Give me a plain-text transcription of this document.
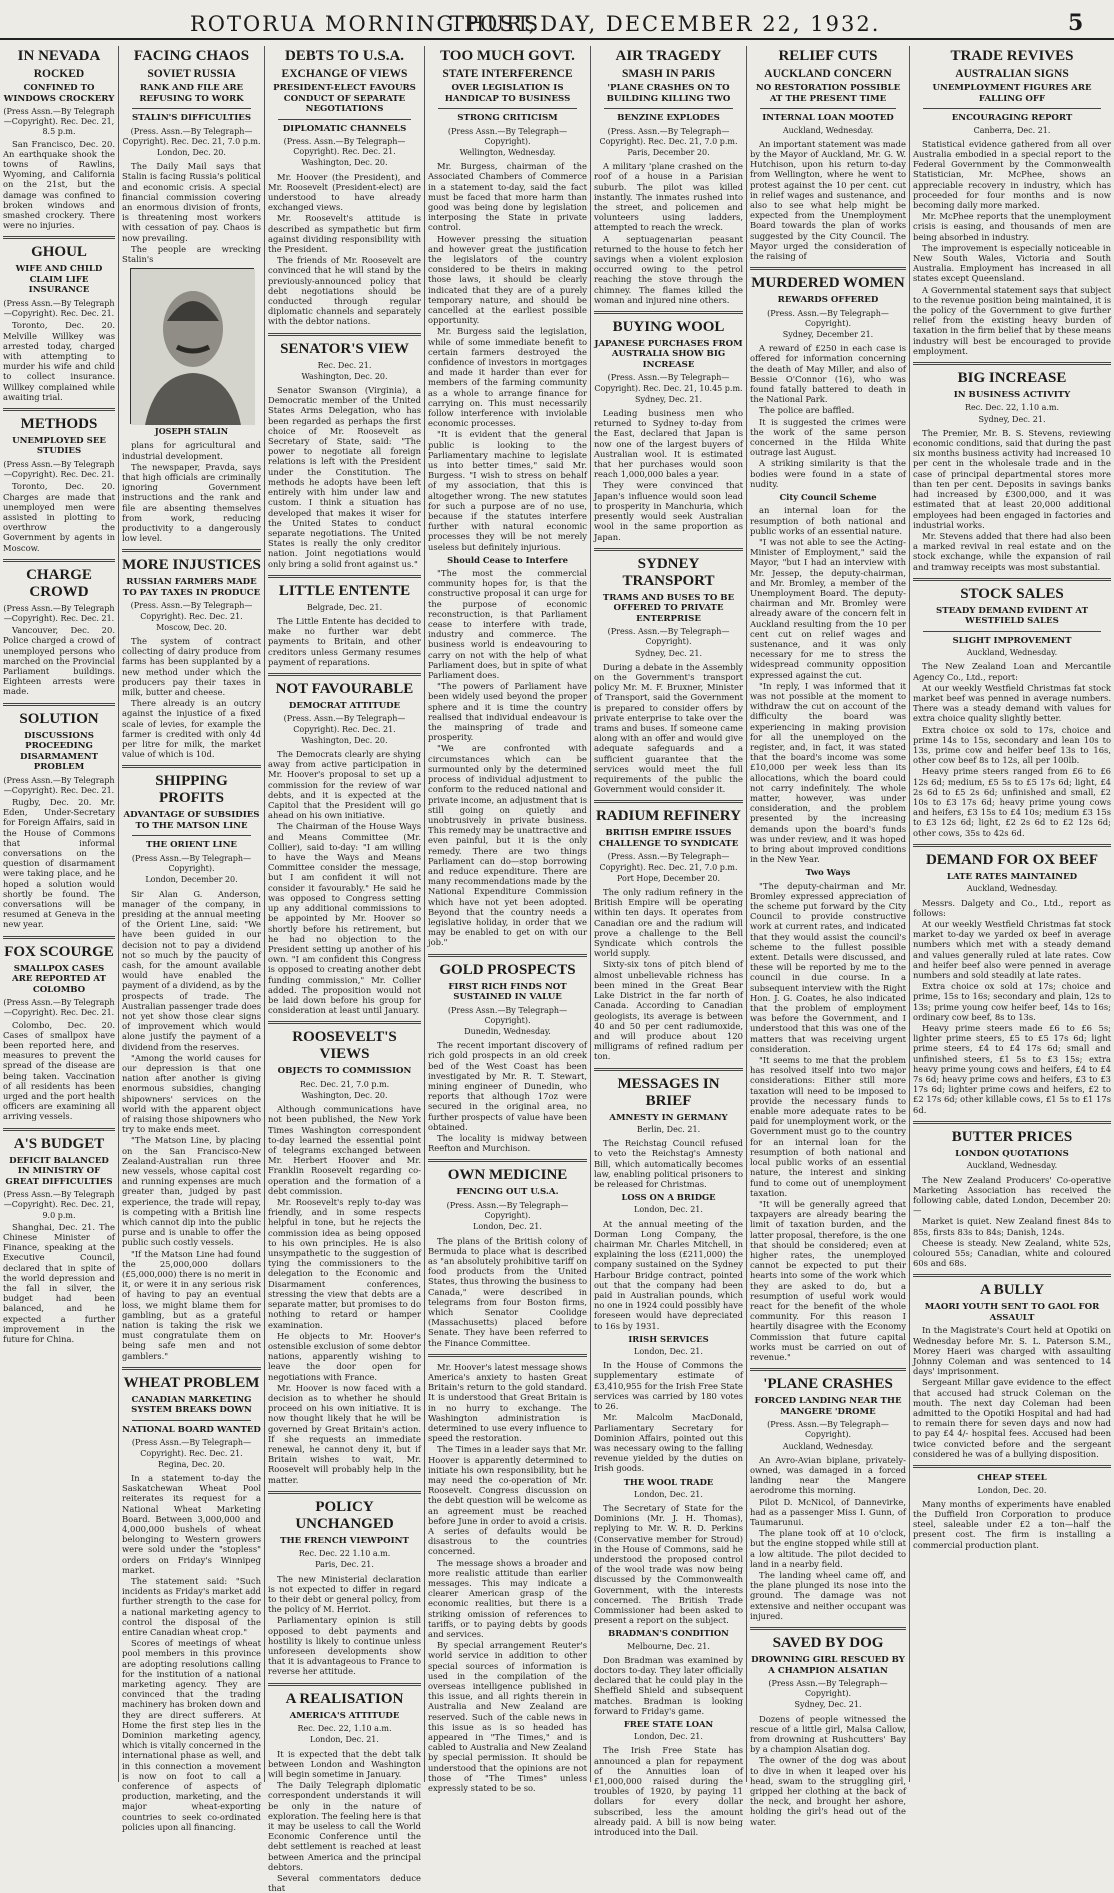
ROTORUA MORNING POST,
THURSDAY, DECEMBER 22, 1932.	5
IN NEVADA
ROCKED
CONFINED TO WINDOWS CROCKERY
(Press Assn.—By Telegraph—Copyright). Rec. Dec. 21, 8.5 p.m.

San Francisco, Dec. 20. An earthquake shook the towns of Rawlins, Wyoming, and California on the 21st, but the damage was confined to broken windows and smashed crockery. There were no injuries.

GHOUL
WIFE AND CHILD CLAIM LIFE INSURANCE
(Press Assn.—By Telegraph—Copyright). Rec. Dec. 21.

Toronto, Dec. 20. Melville Willkey was arrested today, charged with attempting to murder his wife and child to collect insurance. Willkey complained while awaiting trial.

METHODS
UNEMPLOYED SEE STUDIES
(Press Assn.—By Telegraph—Copyright). Rec. Dec. 21.

Toronto, Dec. 20. Charges are made that unemployed men were assisted in plotting to overthrow the Government by agents in Moscow.

CHARGE CROWD
(Press Assn.—By Telegraph—Copyright). Rec. Dec. 21.

Vancouver, Dec. 20. Police charged a crowd of unemployed persons who marched on the Provincial Parliament buildings. Eighteen arrests were made.

SOLUTION
DISCUSSIONS PROCEEDING DISARMAMENT PROBLEM
(Press Assn.—By Telegraph—Copyright). Rec. Dec. 21.

Rugby, Dec. 20. Mr. Eden, Under-Secretary for Foreign Affairs, said in the House of Commons that informal conversations on the question of disarmament were taking place, and he hoped a solution would shortly be found. The conversations will be resumed at Geneva in the new year.

FOX SCOURGE
SMALLPOX CASES ARE REPORTED AT COLOMBO
(Press Assn.—By Telegraph—Copyright). Rec. Dec. 21.

Colombo, Dec. 20. Cases of smallpox have been reported here, and measures to prevent the spread of the disease are being taken. Vaccination of all residents has been urged and the port health officers are examining all arriving vessels.

A'S BUDGET
DEFICIT BALANCED IN MINISTRY OF GREAT DIFFICULTIES
(Press Assn.—By Telegraph—Copyright). Rec. Dec. 21, 9.0 p.m.

Shanghai, Dec. 21. The Chinese Minister of Finance, speaking at the Executive Council, declared that in spite of the world depression and the fall in silver, the budget had been balanced, and he expected a further improvement in the future for China.

FACING CHAOS
SOVIET RUSSIA
RANK AND FILE ARE REFUSING TO WORK
STALIN'S DIFFICULTIES
(Press. Assn.—By Telegraph—Copyright). Rec. Dec. 21, 7.0 p.m.
London, Dec. 20.

The Daily Mail says that Stalin is facing Russia's political and economic crisis. A special financial commission covering an enormous division of fronts, is threatening most workers with cessation of pay. Chaos is now prevailing.

The people are wrecking Stalin's

JOSEPH STALIN

plans for agricultural and industrial development.

The newspaper, Pravda, says that high officials are criminally ignoring Government instructions and the rank and file are absenting themselves from work, reducing productivity to a dangerously low level.

MORE INJUSTICES
RUSSIAN FARMERS MADE TO PAY TAXES IN PRODUCE
(Press. Assn.—By Telegraph—Copyright). Rec. Dec. 21.
Moscow, Dec. 20.

The system of contract collecting of dairy produce from farms has been supplanted by a new method under which the producers pay their taxes in milk, butter and cheese.

There already is an outcry against the injustice of a fixed scale of levies, for example the farmer is credited with only 4d per litre for milk, the market value of which is 10d.

SHIPPING PROFITS
ADVANTAGE OF SUBSIDIES TO THE MATSON LINE
THE ORIENT LINE
(Press Assn.—By Telegraph—Copyright).
London, December 20.

Sir Alan G. Anderson, manager of the company, in presiding at the annual meeting of the Orient Line, said: "We have been guided in our decision not to pay a dividend not so much by the paucity of cash, for the amount available would have enabled the payment of a dividend, as by the prospects of trade. The Australian passenger trade does not yet show those clear signs of improvement which would alone justify the payment of a dividend from the reserves.

"Among the world causes for our depression is that one nation after another is giving enormous subsidies, changing shipowners' services on the world with the apparent object of raising those shipowners who try to make ends meet.

"The Matson Line, by placing on the San Francisco-New Zealand-Australian run three new vessels, whose capital cost and running expenses are much greater than, judged by past experience, the trade will repay, is competing with a British line which cannot dip into the public purse and is unable to offer the public such costly vessels.

"If the Matson Line had found the 25,000,000 dollars (£5,000,000) there is no merit in it, or were it in any serious risk of having to pay an eventual loss, we might blame them for gambling, but as a grateful nation is taking the risk we must congratulate them on being safe men and not gamblers."

WHEAT PROBLEM
CANADIAN MARKETING SYSTEM BREAKS DOWN
NATIONAL BOARD WANTED
(Press Assn.—By Telegraph—Copyright). Rec. Dec. 21.
Regina, Dec. 20.

In a statement to-day the Saskatchewan Wheat Pool reiterates its request for a National Wheat Marketing Board. Between 3,000,000 and 4,000,000 bushels of wheat belonging to Western growers were sold under the "stopless" orders on Friday's Winnipeg market.

The statement said: "Such incidents as Friday's market add further strength to the case for a national marketing agency to control the disposal of the entire Canadian wheat crop."

Scores of meetings of wheat pool members in this province are adopting resolutions calling for the institution of a national marketing agency. They are convinced that the trading machinery has broken down and they are direct sufferers. At Home the first step lies in the Dominion marketing agency, which is vitally concerned in the international phase as well, and in this connection a movement is now on foot to call a conference of aspects of production, marketing, and the major wheat-exporting countries to seek co-ordinated policies upon all financing.

DEBTS TO U.S.A.
EXCHANGE OF VIEWS
PRESIDENT-ELECT FAVOURS CONDUCT OF SEPARATE NEGOTIATIONS
DIPLOMATIC CHANNELS
(Press. Assn.—By Telegraph—Copyright). Rec. Dec. 21.
Washington, Dec. 20.

Mr. Hoover (the President), and Mr. Roosevelt (President-elect) are understood to have already exchanged views.

Mr. Roosevelt's attitude is described as sympathetic but firm against dividing responsibility with the President.

The friends of Mr. Roosevelt are convinced that he will stand by the previously-announced policy that debt negotiations should be conducted through regular diplomatic channels and separately with the debtor nations.

SENATOR'S VIEW
Rec. Dec. 21.
Washington, Dec. 20.

Senator Swanson (Virginia), a Democratic member of the United States Arms Delegation, who has been regarded as perhaps the first choice of Mr. Roosevelt as Secretary of State, said: "The power to negotiate all foreign relations is left with the President under the Constitution. The methods he adopts have been left entirely with him under law and custom. I think a situation has developed that makes it wiser for the United States to conduct separate negotiations. The United States is really the only creditor nation. Joint negotiations would only bring a solid front against us."

LITTLE ENTENTE
Belgrade, Dec. 21.

The Little Entente has decided to make no further war debt payments to Britain, and other creditors unless Germany resumes payment of reparations.

NOT FAVOURABLE
DEMOCRAT ATTITUDE
(Press. Assn.—By Telegraph—Copyright). Rec. Dec. 21.
Washington, Dec. 20.

The Democrats clearly are shying away from active participation in Mr. Hoover's proposal to set up a commission for the review of war debts, and it is expected at the Capitol that the President will go ahead on his own initiative.

The Chairman of the House Ways and Means Committee (Mr. Collier), said to-day: "I am willing to have the Ways and Means Committee consider the message, but I am confident it will not consider it favourably." He said he was opposed to Congress setting up any additional commissions to be appointed by Mr. Hoover so shortly before his retirement, but he had no objection to the President setting up another of his own. "I am confident this Congress is opposed to creating another debt funding commission," Mr. Collier added. The proposition would not be laid down before his group for consideration at least until January.

ROOSEVELT'S VIEWS
OBJECTS TO COMMISSION
Rec. Dec. 21, 7.0 p.m.
Washington, Dec. 20.

Although communications have not been published, the New York Times Washington correspondent to-day learned the essential point of telegrams exchanged between Mr. Herbert Hoover and Mr. Franklin Roosevelt regarding co-operation and the formation of a debt commission.

Mr. Roosevelt's reply to-day was friendly, and in some respects helpful in tone, but he rejects the commission idea as being opposed to his own principles. He is also unsympathetic to the suggestion of tying the commissioners to the delegation to the Economic and Disarmament conferences, stressing the view that debts are a separate matter, but promises to do nothing to retard or hamper examination.

He objects to Mr. Hoover's ostensible exclusion of some debtor nations, apparently wishing to leave the door open for negotiations with France.

Mr. Hoover is now faced with a decision as to whether he should proceed on his own initiative. It is now thought likely that he will be governed by Great Britain's action. If she requests an immediate renewal, he cannot deny it, but if Britain wishes to wait, Mr. Roosevelt will probably help in the matter.

POLICY UNCHANGED
THE FRENCH VIEWPOINT
Rec. Dec. 22 1.10 a.m.
Paris, Dec. 21.

The new Ministerial declaration is not expected to differ in regard to their debt or general policy, from the policy of M. Herriot.

Parliamentary opinion is still opposed to debt payments and hostility is likely to continue unless unforeseen developments show that it is advantageous to France to reverse her attitude.

A REALISATION
AMERICA'S ATTITUDE
Rec. Dec. 22, 1.10 a.m.
London, Dec. 21.

It is expected that the debt talk between London and Washington will begin sometime in January.

The Daily Telegraph diplomatic correspondent understands it will be only in the nature of exploration. The feeling here is that it may be useless to call the World Economic Conference until the debt settlement is reached at least between America and the principal debtors.

Several commentators deduce that

TOO MUCH GOVT.
STATE INTERFERENCE
OVER LEGISLATION IS HANDICAP TO BUSINESS
STRONG CRITICISM
(Press Assn.—By Telegraph—Copyright).
Wellington, Wednesday.

Mr. Burgess, chairman of the Associated Chambers of Commerce in a statement to-day, said the fact must be faced that more harm than good was being done by legislation interposing the State in private control.

However pressing the situation and however great the justification the legislators of the country considered to be theirs in making those laws, it should be clearly indicated that they are of a purely temporary nature, and should be cancelled at the earliest possible opportunity.

Mr. Burgess said the legislation, while of some immediate benefit to certain farmers destroyed the confidence of investors in mortgages and made it harder than ever for members of the farming community as a whole to arrange finance for carrying on. This must necessarily follow interference with inviolable economic processes.

"It is evident that the general public is looking to the Parliamentary machine to legislate us into better times," said Mr. Burgess. "I wish to stress on behalf of my association, that this is altogether wrong. The new statutes for such a purpose are of no use, because if the statutes interfere further with natural economic processes they will be not merely useless but definitely injurious.

Should Cease to Interfere

"The most the commercial community hopes for, is that the constructive proposal it can urge for the purpose of economic reconstruction, is that Parliament cease to interfere with trade, industry and commerce. The business world is endeavouring to carry on not with the help of what Parliament does, but in spite of what Parliament does.

"The powers of Parliament have been widely used beyond the proper sphere and it is time the country realised that individual endeavour is the mainspring of trade and prosperity.

"We are confronted with circumstances which can be surmounted only by the determined process of individual adjustment to conform to the reduced national and private income, an adjustment that is still going on quietly and unobtrusively in private business. This remedy may be unattractive and even painful, but it is the only remedy. There are two things Parliament can do—stop borrowing and reduce expenditure. There are many recommendations made by the National Expenditure Commission which have not yet been adopted. Beyond that the country needs a legislative holiday, in order that we may be enabled to get on with our job."

GOLD PROSPECTS
FIRST RICH FINDS NOT SUSTAINED IN VALUE
(Press Assn.—By Telegraph—Copyright).
Dunedin, Wednesday.

The recent important discovery of rich gold prospects in an old creek bed of the West Coast has been investigated by Mr. R. T. Stewart, mining engineer of Dunedin, who reports that although 17oz were secured in the original area, no further prospects of value have been obtained.

The locality is midway between Reefton and Murchison.

OWN MEDICINE
FENCING OUT U.S.A.
(Press. Assn.—By Telegraph—Copyright).
London, Dec. 21.

The plans of the British colony of Bermuda to place what is described as "an absolutely prohibitive tariff on food products from the United States, thus throwing the business to Canada," were described in telegrams from four Boston firms, which Senator Coolidge (Massachusetts) placed before Senate. They have been referred to the Finance Committee.

Mr. Hoover's latest message shows America's anxiety to hasten Great Britain's return to the gold standard. It is understood that Great Britain is in no hurry to exchange. The Washington administration is determined to use every influence to speed the restoration.

The Times in a leader says that Mr. Hoover is apparently determined to initiate his own responsibility, but he may need the co-operation of Mr. Roosevelt. Congress discussion on the debt question will be welcome as an agreement must be reached before June in order to avoid a crisis. A series of defaults would be disastrous to the countries concerned.

The message shows a broader and more realistic attitude than earlier messages. This may indicate a clearer American grasp of the economic realities, but there is a striking omission of references to tariffs, or to paying debts by goods and services.

By special arrangement Reuter's world service in addition to other special sources of information is used in the compilation of the overseas intelligence published in this issue, and all rights therein in Australia and New Zealand are reserved. Such of the cable news in this issue as is so headed has appeared in "The Times," and is cabled to Australia and New Zealand by special permission. It should be understood that the opinions are not those of "The Times" unless expressly stated to be so.

AIR TRAGEDY
SMASH IN PARIS
'PLANE CRASHES ON TO BUILDING KILLING TWO
BENZINE EXPLODES
(Press. Assn.—By Telegraph—Copyright). Rec. Dec. 21, 7.0 p.m.
Paris, December 20.

A military 'plane crashed on the roof of a house in a Parisian suburb. The pilot was killed instantly. The inmates rushed into the street, and policemen and volunteers using ladders, attempted to reach the wreck.

A septuagenarian peasant returned to the house to fetch her savings when a violent explosion occurred owing to the petrol reaching the stove through the chimney. The flames killed the woman and injured nine others.

BUYING WOOL
JAPANESE PURCHASES FROM AUSTRALIA SHOW BIG INCREASE
(Press. Assn.—By Telegraph—Copyright). Rec. Dec. 21, 10.45 p.m.
Sydney, Dec. 21.

Leading business men who returned to Sydney to-day from the East, declared that Japan is now one of the largest buyers of Australian wool. It is estimated that her purchases would soon reach 1,000,000 bales a year.

They were convinced that Japan's influence would soon lead to prosperity in Manchuria, which presently would seek Australian wool in the same proportion as Japan.

SYDNEY TRANSPORT
TRAMS AND BUSES TO BE OFFERED TO PRIVATE ENTERPRISE
(Press. Assn.—By Telegraph—Copyright).
Sydney, Dec. 21.

During a debate in the Assembly on the Government's transport policy Mr. M. F. Bruxner, Minister of Transport, said the Government is prepared to consider offers by private enterprise to take over the trams and buses. If someone came along with an offer and would give adequate safeguards and a sufficient guarantee that the services would meet the full requirements of the public the Government would consider it.

RADIUM REFINERY
BRITISH EMPIRE ISSUES CHALLENGE TO SYNDICATE
(Press. Assn.—By Telegraph—Copyright). Rec. Dec. 21, 7.0 p.m.
Port Hope, December 20.

The only radium refinery in the British Empire will be operating within ten days. It operates from Canadian ore and the radium will prove a challenge to the Bell Syndicate which controls the world supply.

Sixty-six tons of pitch blend of almost unbelievable richness has been mined in the Great Bear Lake District in the far north of Canada. According to Canadian geologists, its average is between 40 and 50 per cent radiumoxide, and will produce about 120 milligrams of refined radium per ton.

MESSAGES IN BRIEF
AMNESTY IN GERMANY
Berlin, Dec. 21.

The Reichstag Council refused to veto the Reichstag's Amnesty Bill, which automatically becomes law, enabling political prisoners to be released for Christmas.

LOSS ON A BRIDGE
London, Dec. 21.

At the annual meeting of the Dorman Long Company, the chairman Mr. Charles Mitchell, in explaining the loss (£211,000) the company sustained on the Sydney Harbour Bridge contract, pointed out that the company had been paid in Australian pounds, which no one in 1924 could possibly have foreseen would have depreciated to 16s by 1931.

IRISH SERVICES
London, Dec. 21.

In the House of Commons the supplementary estimate of £3,410,955 for the Irish Free State services was carried by 180 votes to 26.

Mr. Malcolm MacDonald, Parliamentary Secretary for Dominion Affairs, pointed out this was necessary owing to the falling revenue yielded by the duties on Irish goods.

THE WOOL TRADE
London, Dec. 21.

The Secretary of State for the Dominions (Mr. J. H. Thomas), replying to Mr. W. R. D. Perkins (Conservative member for Stroud) in the House of Commons, said he understood the proposed control of the wool trade was now being discussed by the Commonwealth Government, with the interests concerned. The British Trade Commissioner had been asked to present a report on the subject.

BRADMAN'S CONDITION
Melbourne, Dec. 21.

Don Bradman was examined by doctors to-day. They later officially declared that he could play in the Sheffield Shield and subsequent matches. Bradman is looking forward to Friday's game.

FREE STATE LOAN
London, Dec. 21.

The Irish Free State has announced a plan for repayment of the Annuities loan of £1,000,000 raised during the troubles of 1920, by paying 11 dollars for every dollar subscribed, less the amount already paid. A bill is now being introduced into the Dail.

RELIEF CUTS
AUCKLAND CONCERN
NO RESTORATION POSSIBLE AT THE PRESENT TIME
INTERNAL LOAN MOOTED
Auckland, Wednesday.

An important statement was made by the Mayor of Auckland, Mr. G. W. Hutchison, upon his return to-day from Wellington, where he went to protest against the 10 per cent. cut in relief wages and sustenance, and also to see what help might be expected from the Unemployment Board towards the plan of works suggested by the City Council. The Mayor urged the consideration of the raising of

MURDERED WOMEN
REWARDS OFFERED
(Press. Assn.—By Telegraph—Copyright).
Sydney, December 21.

A reward of £250 in each case is offered for information concerning the death of May Miller, and also of Bessie O'Connor (16), who was found fatally battered to death in the National Park.

The police are baffled.

It is suggested the crimes were the work of the same person concerned in the Hilda White outrage last August.

A striking similarity is that the bodies were found in a state of nudity.

City Council Scheme

an internal loan for the resumption of both national and public works of an essential nature.

"I was not able to see the Acting-Minister of Employment," said the Mayor, "but I had an interview with Mr. Jessep, the deputy-chairman, and Mr. Bromley, a member of the Unemployment Board. The deputy-chairman and Mr. Bromley were already aware of the concern felt in Auckland resulting from the 10 per cent cut on relief wages and sustenance, and it was only necessary for me to stress the widespread community opposition expressed against the cut.

"In reply, I was informed that it was not possible at the moment to withdraw the cut on account of the difficulty the board was experiencing in making provision for all the unemployed on the register, and, in fact, it was stated that the board's income was some £10,000 per week less than its allocations, which the board could not carry indefinitely. The whole matter, however, was under consideration, and the problem presented by the increasing demands upon the board's funds was under review, and it was hoped to bring about improved conditions in the New Year.

Two Ways

"The deputy-chairman and Mr. Bromley expressed appreciation of the scheme put forward by the City Council to provide constructive work at current rates, and indicated that they would assist the council's scheme to the fullest possible extent. Details were discussed, and these will be reported by me to the council in due course. In a subsequent interview with the Right Hon. J. G. Coates, he also indicated that the problem of employment was before the Government, and I understood that this was one of the matters that was receiving urgent consideration.

"It seems to me that the problem has resolved itself into two major considerations: Either still more taxation will need to be imposed to provide the necessary funds to enable more adequate rates to be paid for unemployment work, or the Government must go to the country for an internal loan for the resumption of both national and local public works of an essential nature, the interest and sinking fund to come out of unemployment taxation.

"It will be generally agreed that taxpayers are already bearing the limit of taxation burden, and the latter proposal, therefore, is the one that should be considered; even at higher rates, the unemployed cannot be expected to put their hearts into some of the work which they are asked to do, but a resumption of useful work would react for the benefit of the whole community. For this reason I heartily disagree with the Economy Commission that future capital works must be carried on out of revenue."

'PLANE CRASHES
FORCED LANDING NEAR THE MANGERE 'DROME
(Press. Assn.—By Telegraph—Copyright).
Auckland, Wednesday.

An Avro-Avian biplane, privately-owned, was damaged in a forced landing near the Mangere aerodrome this morning.

Pilot D. McNicol, of Dannevirke, had as a passenger Miss I. Gunn, of Taumarunui.

The plane took off at 10 o'clock, but the engine stopped while still at a low altitude. The pilot decided to land in a nearby field.

The landing wheel came off, and the plane plunged its nose into the ground. The damage was not extensive and neither occupant was injured.

SAVED BY DOG
DROWNING GIRL RESCUED BY A CHAMPION ALSATIAN
(Press Assn.—By Telegraph—Copyright).
Sydney, Dec. 21.

Dozens of people witnessed the rescue of a little girl, Malsa Callow, from drowning at Rushcutters' Bay by a champion Alsatian dog.

The owner of the dog was about to dive in when it leaped over his head, swam to the struggling girl, gripped her clothing at the back of the neck, and brought her ashore, holding the girl's head out of the water.

TRADE REVIVES
AUSTRALIAN SIGNS
UNEMPLOYMENT FIGURES ARE FALLING OFF
ENCOURAGING REPORT
Canberra, Dec. 21.

Statistical evidence gathered from all over Australia embodied in a special report to the Federal Government by the Commonwealth Statistician, Mr. McPhee, shows an appreciable recovery in industry, which has proceeded for four months and is now becoming daily more marked.

Mr. McPhee reports that the unemployment crisis is easing, and thousands of men are being absorbed in industry.

The improvement is especially noticeable in New South Wales, Victoria and South Australia. Employment has increased in all states except Queensland.

A Governmental statement says that subject to the revenue position being maintained, it is the policy of the Government to give further relief from the existing heavy burden of taxation in the firm belief that by these means industry will best be encouraged to provide employment.

BIG INCREASE
IN BUSINESS ACTIVITY
Rec. Dec. 22, 1.10 a.m.
Sydney, Dec. 21.

The Premier, Mr. B. S. Stevens, reviewing economic conditions, said that during the past six months business activity had increased 10 per cent in the wholesale trade and in the case of principal departmental stores more than ten per cent. Deposits in savings banks had increased by £300,000, and it was estimated that at least 20,000 additional employees had been engaged in factories and industrial works.

Mr. Stevens added that there had also been a marked revival in real estate and on the stock exchange, while the expansion of rail and tramway receipts was most substantial.

STOCK SALES
STEADY DEMAND EVIDENT AT WESTFIELD SALES
SLIGHT IMPROVEMENT
Auckland, Wednesday.

The New Zealand Loan and Mercantile Agency Co., Ltd., report:

At our weekly Westfield Christmas fat stock market beef was penned in average numbers. There was a steady demand with values for extra choice quality slightly better.

Extra choice ox sold to 17s, choice and prime 14s to 15s, secondary and lean 10s to 13s, prime cow and heifer beef 13s to 16s, other cow beef 8s to 12s, all per 100lb.

Heavy prime steers ranged from £6 to £6 12s 6d; medium, £5 5s to £5 17s 6d; light, £4 2s 6d to £5 2s 6d; unfinished and small, £2 10s to £3 17s 6d; heavy prime young cows and heifers, £3 15s to £4 10s; medium £3 15s to £3 12s 6d; light, £2 2s 6d to £2 12s 6d; other cows, 35s to 42s 6d.

DEMAND FOR OX BEEF
LATE RATES MAINTAINED
Auckland, Wednesday.

Messrs. Dalgety and Co., Ltd., report as follows:

At our weekly Westfield Christmas fat stock market to-day we yarded ox beef in average numbers which met with a steady demand and values generally ruled at late rates. Cow and heifer beef also were penned in average numbers and sold steadily at late rates.

Extra choice ox sold at 17s; choice and prime, 15s to 16s; secondary and plain, 12s to 13s; prime young cow heifer beef, 14s to 16s; ordinary cow beef, 8s to 13s.

Heavy prime steers made £6 to £6 5s; lighter prime steers, £5 to £5 17s 6d; light prime steers, £4 to £4 17s 6d; small and unfinished steers, £1 5s to £3 15s; extra heavy prime young cows and heifers, £4 to £4 7s 6d; heavy prime cows and heifers, £3 to £3 17s 6d; lighter prime cows and heifers, £2 to £2 17s 6d; other killable cows, £1 5s to £1 17s 6d.

BUTTER PRICES
LONDON QUOTATIONS
Auckland, Wednesday.

The New Zealand Producers' Co-operative Marketing Association has received the following cable, dated London, December 20:—

Market is quiet. New Zealand finest 84s to 85s, firsts 83s to 84s; Danish, 124s.

Cheese is steady. New Zealand, white 52s, coloured 55s; Canadian, white and coloured 60s and 68s.

A BULLY
MAORI YOUTH SENT TO GAOL FOR ASSAULT

In the Magistrate's Court held at Opotiki on Wednesday before Mr. S. L. Paterson S.M., Morey Haeri was charged with assaulting Johnny Coleman and was sentenced to 14 days' imprisonment.

Sergeant Millar gave evidence to the effect that accused had struck Coleman on the mouth. The next day Coleman had been admitted to the Opotiki Hospital and had had to remain there for seven days and now had to pay £4 4/- hospital fees. Accused had been twice convicted before and the sergeant considered he was of a bullying disposition.

CHEAP STEEL
London, Dec. 20.

Many months of experiments have enabled the Duffield Iron Corporation to produce steel, saleable under £2 a ton—half the present cost. The firm is installing a commercial production plant.
